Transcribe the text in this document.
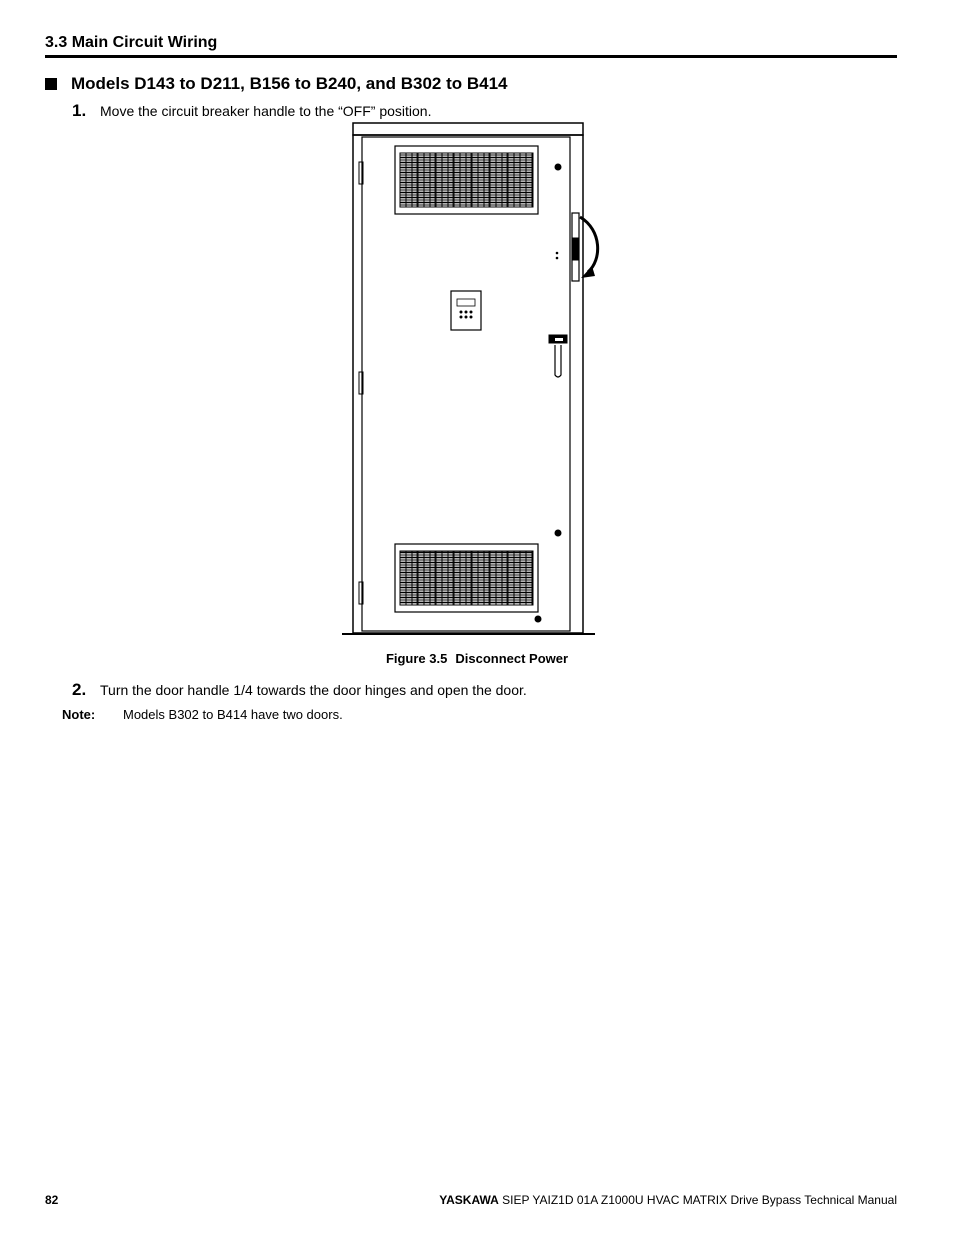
3.3 Main Circuit Wiring
Models D143 to D211, B156 to B240, and B302 to B414
1. Move the circuit breaker handle to the “OFF” position.
Figure 3.5 Disconnect Power
2. Turn the door handle 1/4 towards the door hinges and open the door.
Note:	Models B302 to B414 have two doors.
82	YASKAWA SIEP YAIZ1D 01A Z1000U HVAC MATRIX Drive Bypass Technical Manual
